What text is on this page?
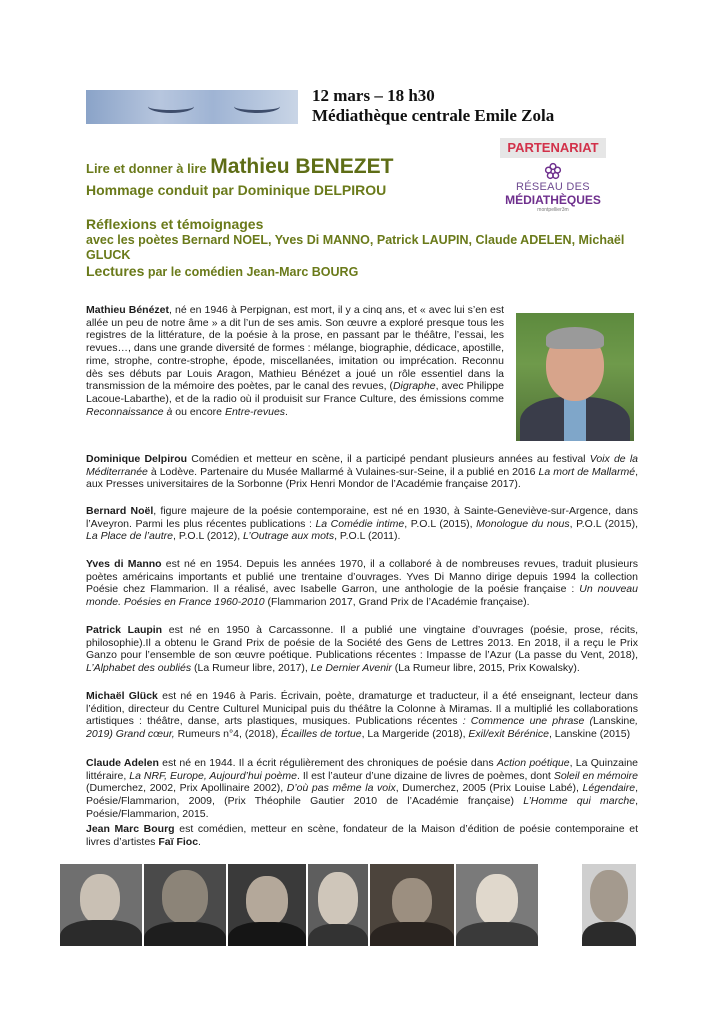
12 mars – 18 h30
Médiathèque centrale Emile Zola
PARTENARIAT
RÉSEAU DES
MÉDIATHÈQUES
montpellier3m
Lire et donner à lire Mathieu BENEZET
Hommage conduit par Dominique DELPIROU
Réflexions et témoignages
avec les poètes Bernard NOEL, Yves Di MANNO, Patrick LAUPIN, Claude ADELEN, Michaël GLUCK
Lectures par le comédien Jean-Marc BOURG

Mathieu Bénézet, né en 1946 à Perpignan, est mort, il y a cinq ans, et « avec lui s’en est allée un peu de notre âme » a dit l’un de ses amis. Son œuvre a exploré presque tous les registres de la littérature, de la poésie à la prose, en passant par le théâtre, l’essai, les revues…, dans une grande diversité de formes : mélange, biographie, dédicace, apostille, rime, strophe, contre-strophe, épode, miscellanées, imitation ou imprécation. Reconnu dès ses débuts par Louis Aragon, Mathieu Bénézet a joué un rôle essentiel dans la transmission de la mémoire des poètes, par le canal des revues, (Digraphe, avec Philippe Lacoue-Labarthe), et de la radio où il produisit sur France Culture, des émissions comme Reconnaissance à ou encore Entre-revues.

Dominique Delpirou Comédien et metteur en scène, il a participé pendant plusieurs années au festival Voix de la Méditerranée à Lodève. Partenaire du Musée Mallarmé à Vulaines-sur-Seine, il a publié en 2016 La mort de Mallarmé, aux Presses universitaires de la Sorbonne (Prix Henri Mondor de l’Académie française 2017).

Bernard Noël, figure majeure de la poésie contemporaine, est né en 1930, à Sainte-Geneviève-sur-Argence, dans l’Aveyron. Parmi les plus récentes publications : La Comédie intime, P.O.L (2015), Monologue du nous, P.O.L (2015), La Place de l’autre, P.O.L (2012), L’Outrage aux mots, P.O.L (2011).

Yves di Manno est né en 1954. Depuis les années 1970, il a collaboré à de nombreuses revues, traduit plusieurs poètes américains importants et publié une trentaine d’ouvrages. Yves Di Manno dirige depuis 1994 la collection Poésie chez Flammarion. Il a réalisé, avec Isabelle Garron, une anthologie de la poésie française : Un nouveau monde. Poésies en France 1960-2010 (Flammarion 2017, Grand Prix de l’Académie française).

Patrick Laupin est né en 1950 à Carcassonne. Il a publié une vingtaine d’ouvrages (poésie, prose, récits, philosophie).Il a obtenu le Grand Prix de poésie de la Société des Gens de Lettres 2013. En 2018, il a reçu le Prix Ganzo pour l’ensemble de son œuvre poétique. Publications récentes : Impasse de l’Azur (La passe du Vent, 2018), L’Alphabet des oubliés (La Rumeur libre, 2017), Le Dernier Avenir (La Rumeur libre, 2015, Prix Kowalsky).

Michaël Glück est né en 1946 à Paris. Écrivain, poète, dramaturge et traducteur, il a été enseignant, lecteur dans l’édition, directeur du Centre Culturel Municipal puis du théâtre la Colonne à Miramas. Il a multiplié les collaborations artistiques : théâtre, danse, arts plastiques, musiques. Publications récentes : Commence une phrase (Lanskine, 2019) Grand cœur, Rumeurs n°4, (2018), Écailles de tortue, La Margeride (2018), Exil/exit Bérénice, Lanskine (2015)

Claude Adelen est né en 1944. Il a écrit régulièrement des chroniques de poésie dans Action poétique, La Quinzaine littéraire, La NRF, Europe, Aujourd’hui poème. Il est l’auteur d’une dizaine de livres de poèmes, dont Soleil en mémoire (Dumerchez, 2002, Prix Apollinaire 2002), D’où pas même la voix, Dumerchez, 2005 (Prix Louise Labé), Légendaire, Poésie/Flammarion, 2009, (Prix Théophile Gautier 2010 de l’Académie française) L’Homme qui marche, Poésie/Flammarion, 2015.

Jean Marc Bourg est comédien, metteur en scène, fondateur de la Maison d’édition de poésie contemporaine et livres d’artistes Faï Fioc.
